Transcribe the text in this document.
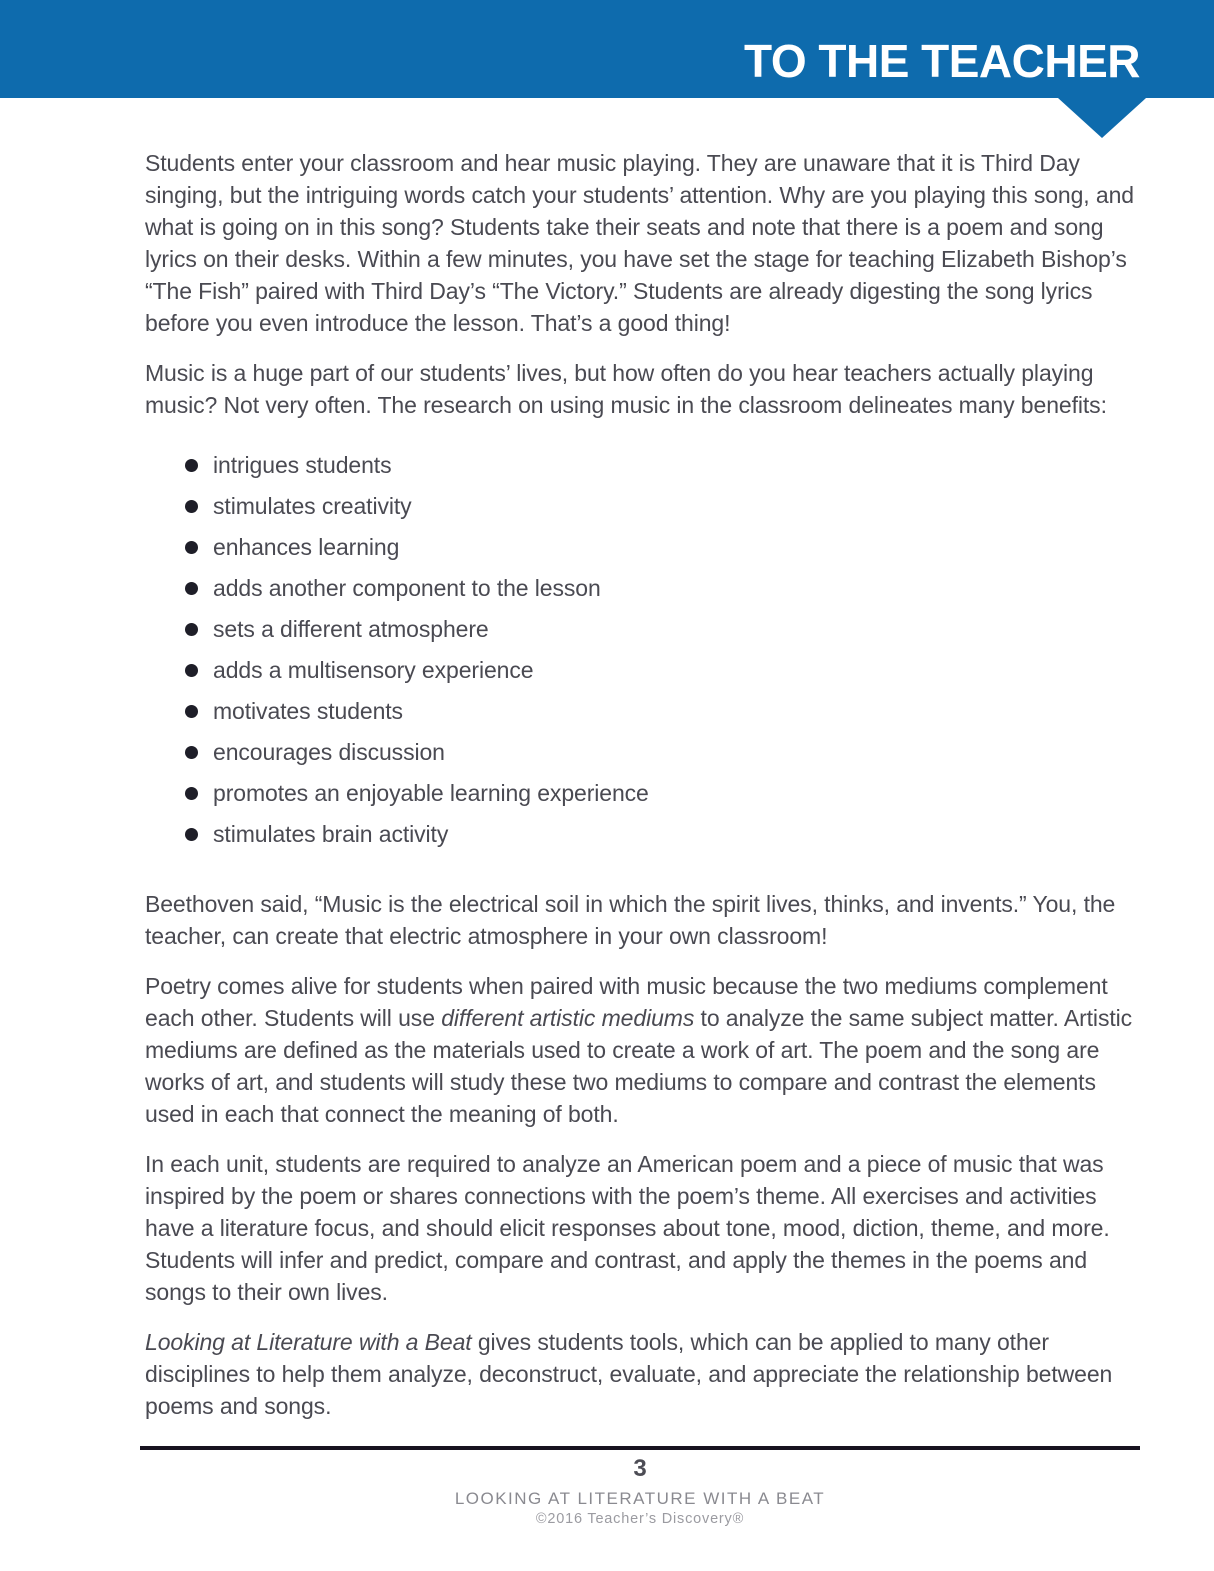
TO THE TEACHER

Students enter your classroom and hear music playing. They are unaware that it is Third Day singing, but the intriguing words catch your students’ attention. Why are you playing this song, and what is going on in this song? Students take their seats and note that there is a poem and song lyrics on their desks. Within a few minutes, you have set the stage for teaching Elizabeth Bishop’s “The Fish” paired with Third Day’s “The Victory.” Students are already digesting the song lyrics before you even introduce the lesson. That’s a good thing!

Music is a huge part of our students’ lives, but how often do you hear teachers actually playing music? Not very often. The research on using music in the classroom delineates many benefits:

intrigues students
stimulates creativity
enhances learning
adds another component to the lesson
sets a different atmosphere
adds a multisensory experience
motivates students
encourages discussion
promotes an enjoyable learning experience
stimulates brain activity

Beethoven said, “Music is the electrical soil in which the spirit lives, thinks, and invents.” You, the teacher, can create that electric atmosphere in your own classroom!

Poetry comes alive for students when paired with music because the two mediums complement each other. Students will use different artistic mediums to analyze the same subject matter. Artistic mediums are defined as the materials used to create a work of art. The poem and the song are works of art, and students will study these two mediums to compare and contrast the elements used in each that connect the meaning of both.

In each unit, students are required to analyze an American poem and a piece of music that was inspired by the poem or shares connections with the poem’s theme. All exercises and activities have a literature focus, and should elicit responses about tone, mood, diction, theme, and more. Students will infer and predict, compare and contrast, and apply the themes in the poems and songs to their own lives.

Looking at Literature with a Beat gives students tools, which can be applied to many other disciplines to help them analyze, deconstruct, evaluate, and appreciate the relationship between poems and songs.

3
LOOKING AT LITERATURE WITH A BEAT
©2016 Teacher’s Discovery®
